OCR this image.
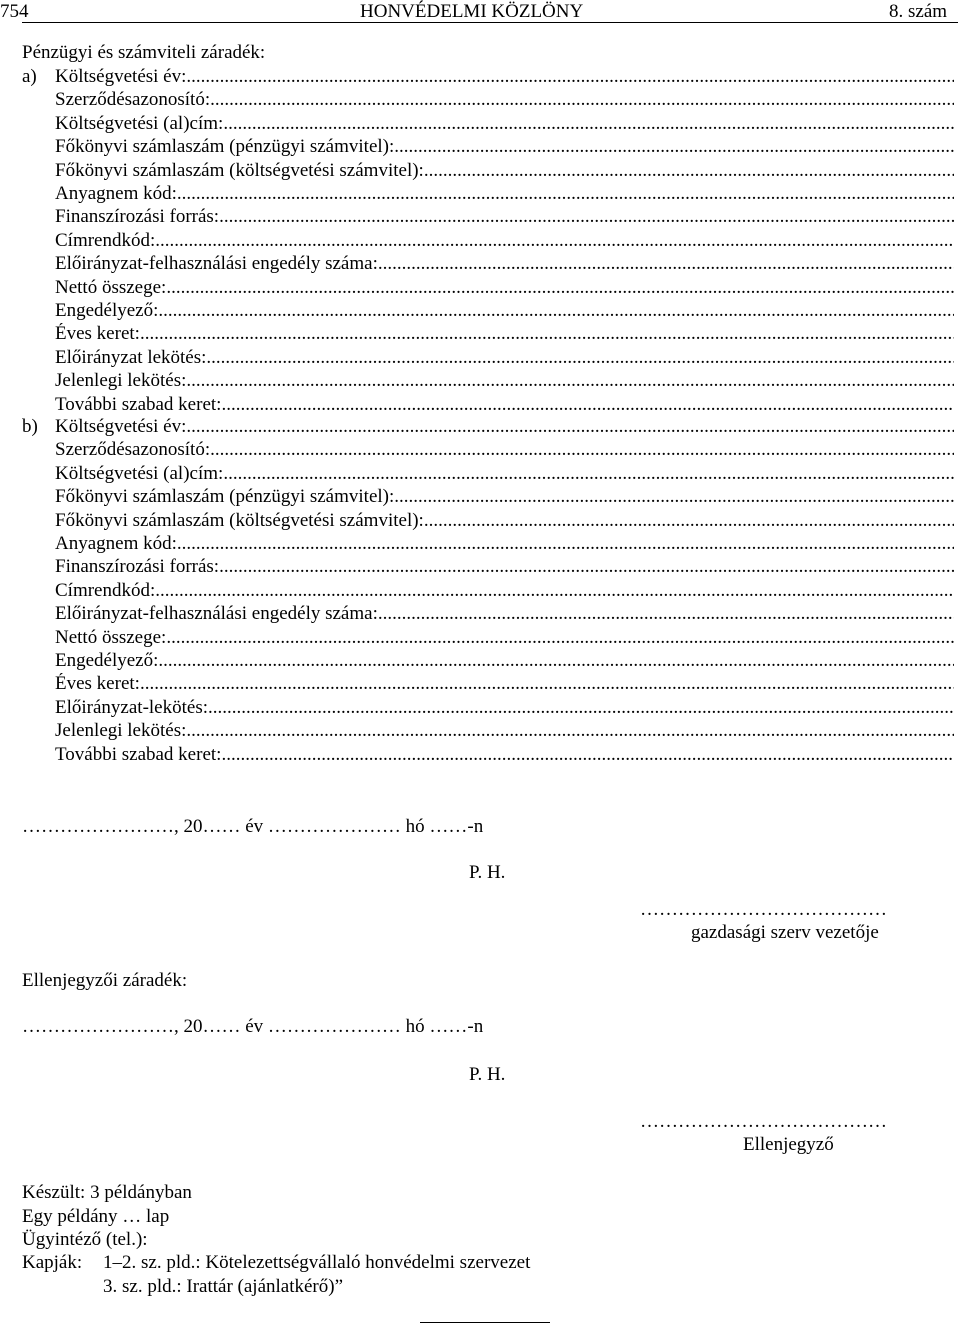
754	HONVÉDELMI KÖZLÖNY	8. szám
Pénzügyi és számviteli záradék:
a) Költségvetési év:
.....
Szerződésazonosító:
.....
Költségvetési (al)cím:
.....
Főkönyvi számlaszám (pénzügyi számvitel):
.....
Főkönyvi számlaszám (költségvetési számvitel):
.....
Anyagnem kód:
.....
Finanszírozási forrás:
.....
Címrendkód:
.....
Előirányzat-felhasználási engedély száma:
.....
Nettó összege:
.....
Engedélyező:
.....
Éves keret:
.....
Előirányzat lekötés:
.....
Jelenlegi lekötés:
.....
További szabad keret:
.....
b) Költségvetési év:
.....
Szerződésazonosító:
.....
Költségvetési (al)cím:
.....
Főkönyvi számlaszám (pénzügyi számvitel):
.....
Főkönyvi számlaszám (költségvetési számvitel):
.....
Anyagnem kód:
.....
Finanszírozási forrás:
.....
Címrendkód:
.....
Előirányzat-felhasználási engedély száma:
.....
Nettó összege:
.....
Engedélyező:
.....
Éves keret:
.....
Előirányzat-lekötés:
.....
Jelenlegi lekötés:
.....
További szabad keret:
.....
……………………, 20…… év ………………… hó ……-n
P. H.
…………………………………
gazdasági szerv vezetője
Ellenjegyzői záradék:
……………………, 20…… év ………………… hó ……-n
P. H.
…………………………………
Ellenjegyző
Készült: 3 példányban
Egy példány … lap
Ügyintéző (tel.):
Kapják: 1–2. sz. pld.: Kötelezettségvállaló honvédelmi szervezet
3. sz. pld.: Irattár (ajánlatkérő)”
